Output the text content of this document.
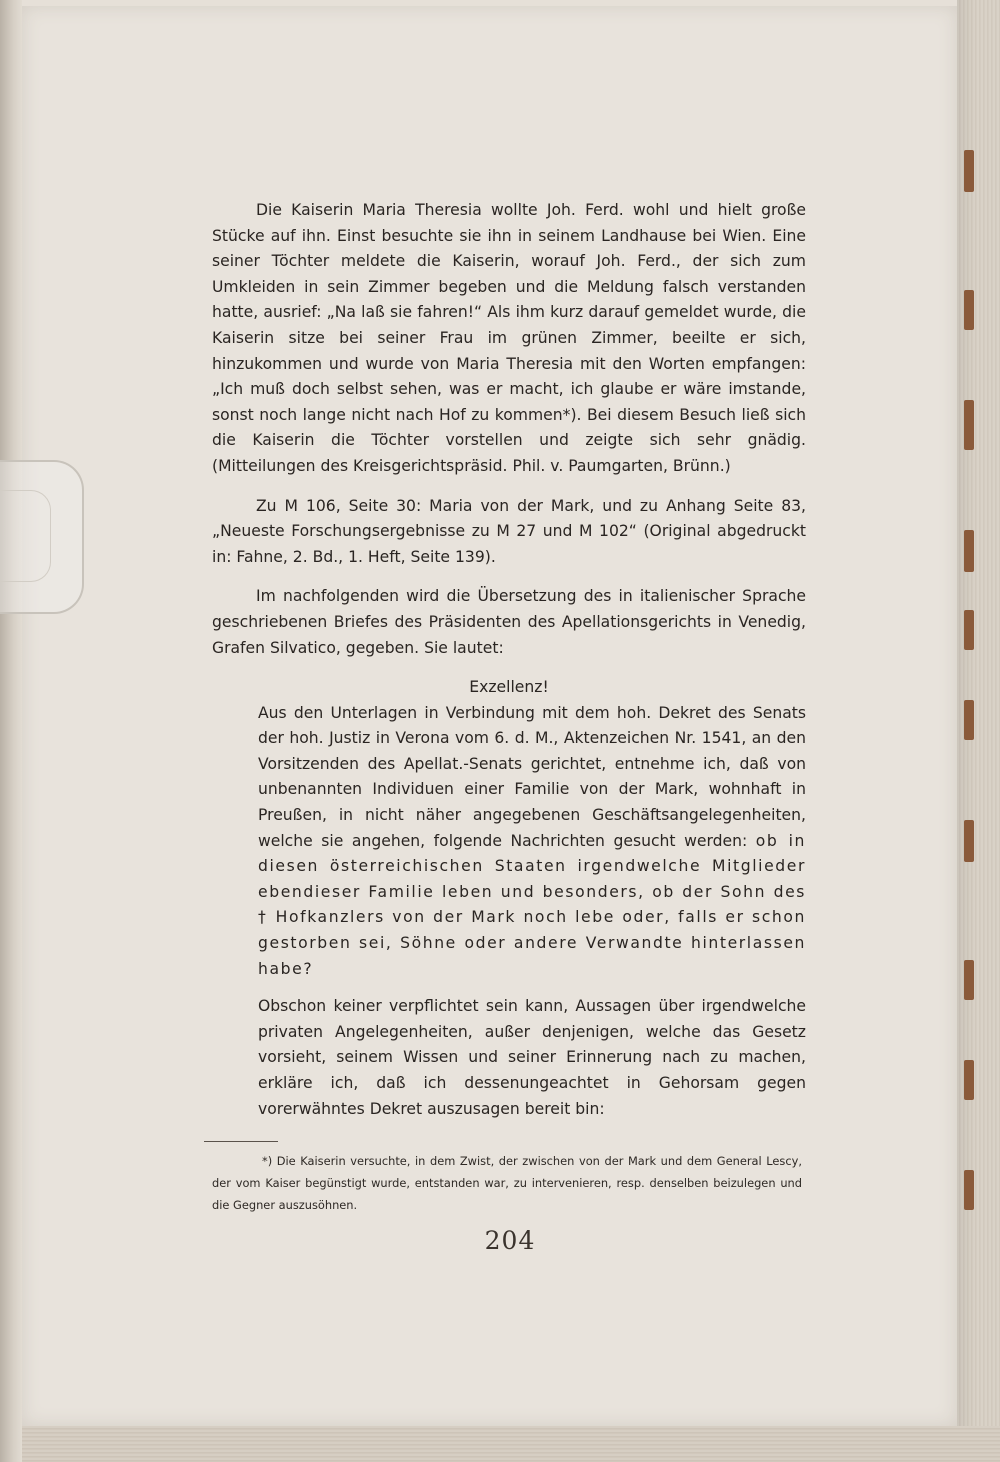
Die Kaiserin Maria Theresia wollte Joh. Ferd. wohl und hielt große Stücke auf ihn. Einst besuchte sie ihn in seinem Landhause bei Wien. Eine seiner Töchter meldete die Kaiserin, worauf Joh. Ferd., der sich zum Umkleiden in sein Zimmer begeben und die Meldung falsch verstanden hatte, ausrief: „Na laß sie fahren!“ Als ihm kurz darauf gemeldet wurde, die Kaiserin sitze bei seiner Frau im grünen Zimmer, beeilte er sich, hinzukommen und wurde von Maria Theresia mit den Worten empfangen: „Ich muß doch selbst sehen, was er macht, ich glaube er wäre imstande, sonst noch lange nicht nach Hof zu kommen*). Bei diesem Besuch ließ sich die Kaiserin die Töchter vorstellen und zeigte sich sehr gnädig. (Mitteilungen des Kreisgerichtspräsid. Phil. v. Paumgarten, Brünn.)

Zu M 106, Seite 30: Maria von der Mark, und zu Anhang Seite 83, „Neueste Forschungsergebnisse zu M 27 und M 102“ (Original abgedruckt in: Fahne, 2. Bd., 1. Heft, Seite 139).

Im nachfolgenden wird die Übersetzung des in italienischer Sprache geschriebenen Briefes des Präsidenten des Apellationsgerichts in Venedig, Grafen Silvatico, gegeben. Sie lautet:

Exzellenz!

Aus den Unterlagen in Verbindung mit dem hoh. Dekret des Senats der hoh. Justiz in Verona vom 6. d. M., Aktenzeichen Nr. 1541, an den Vorsitzenden des Apellat.-Senats gerichtet, entnehme ich, daß von unbenannten Individuen einer Familie von der Mark, wohnhaft in Preußen, in nicht näher angegebenen Geschäftsangelegenheiten, welche sie angehen, folgende Nachrichten gesucht werden: ob in diesen österreichischen Staaten irgendwelche Mitglieder ebendieser Familie leben und besonders, ob der Sohn des † Hofkanzlers von der Mark noch lebe oder, falls er schon gestorben sei, Söhne oder andere Verwandte hinterlassen habe?

Obschon keiner verpflichtet sein kann, Aussagen über irgendwelche privaten Angelegenheiten, außer denjenigen, welche das Gesetz vorsieht, seinem Wissen und seiner Erinnerung nach zu machen, erkläre ich, daß ich dessenungeachtet in Gehorsam gegen vorerwähntes Dekret auszusagen bereit bin:

*) Die Kaiserin versuchte, in dem Zwist, der zwischen von der Mark und dem General Lescy, der vom Kaiser begünstigt wurde, entstanden war, zu intervenieren, resp. denselben beizulegen und die Gegner auszusöhnen.
204
